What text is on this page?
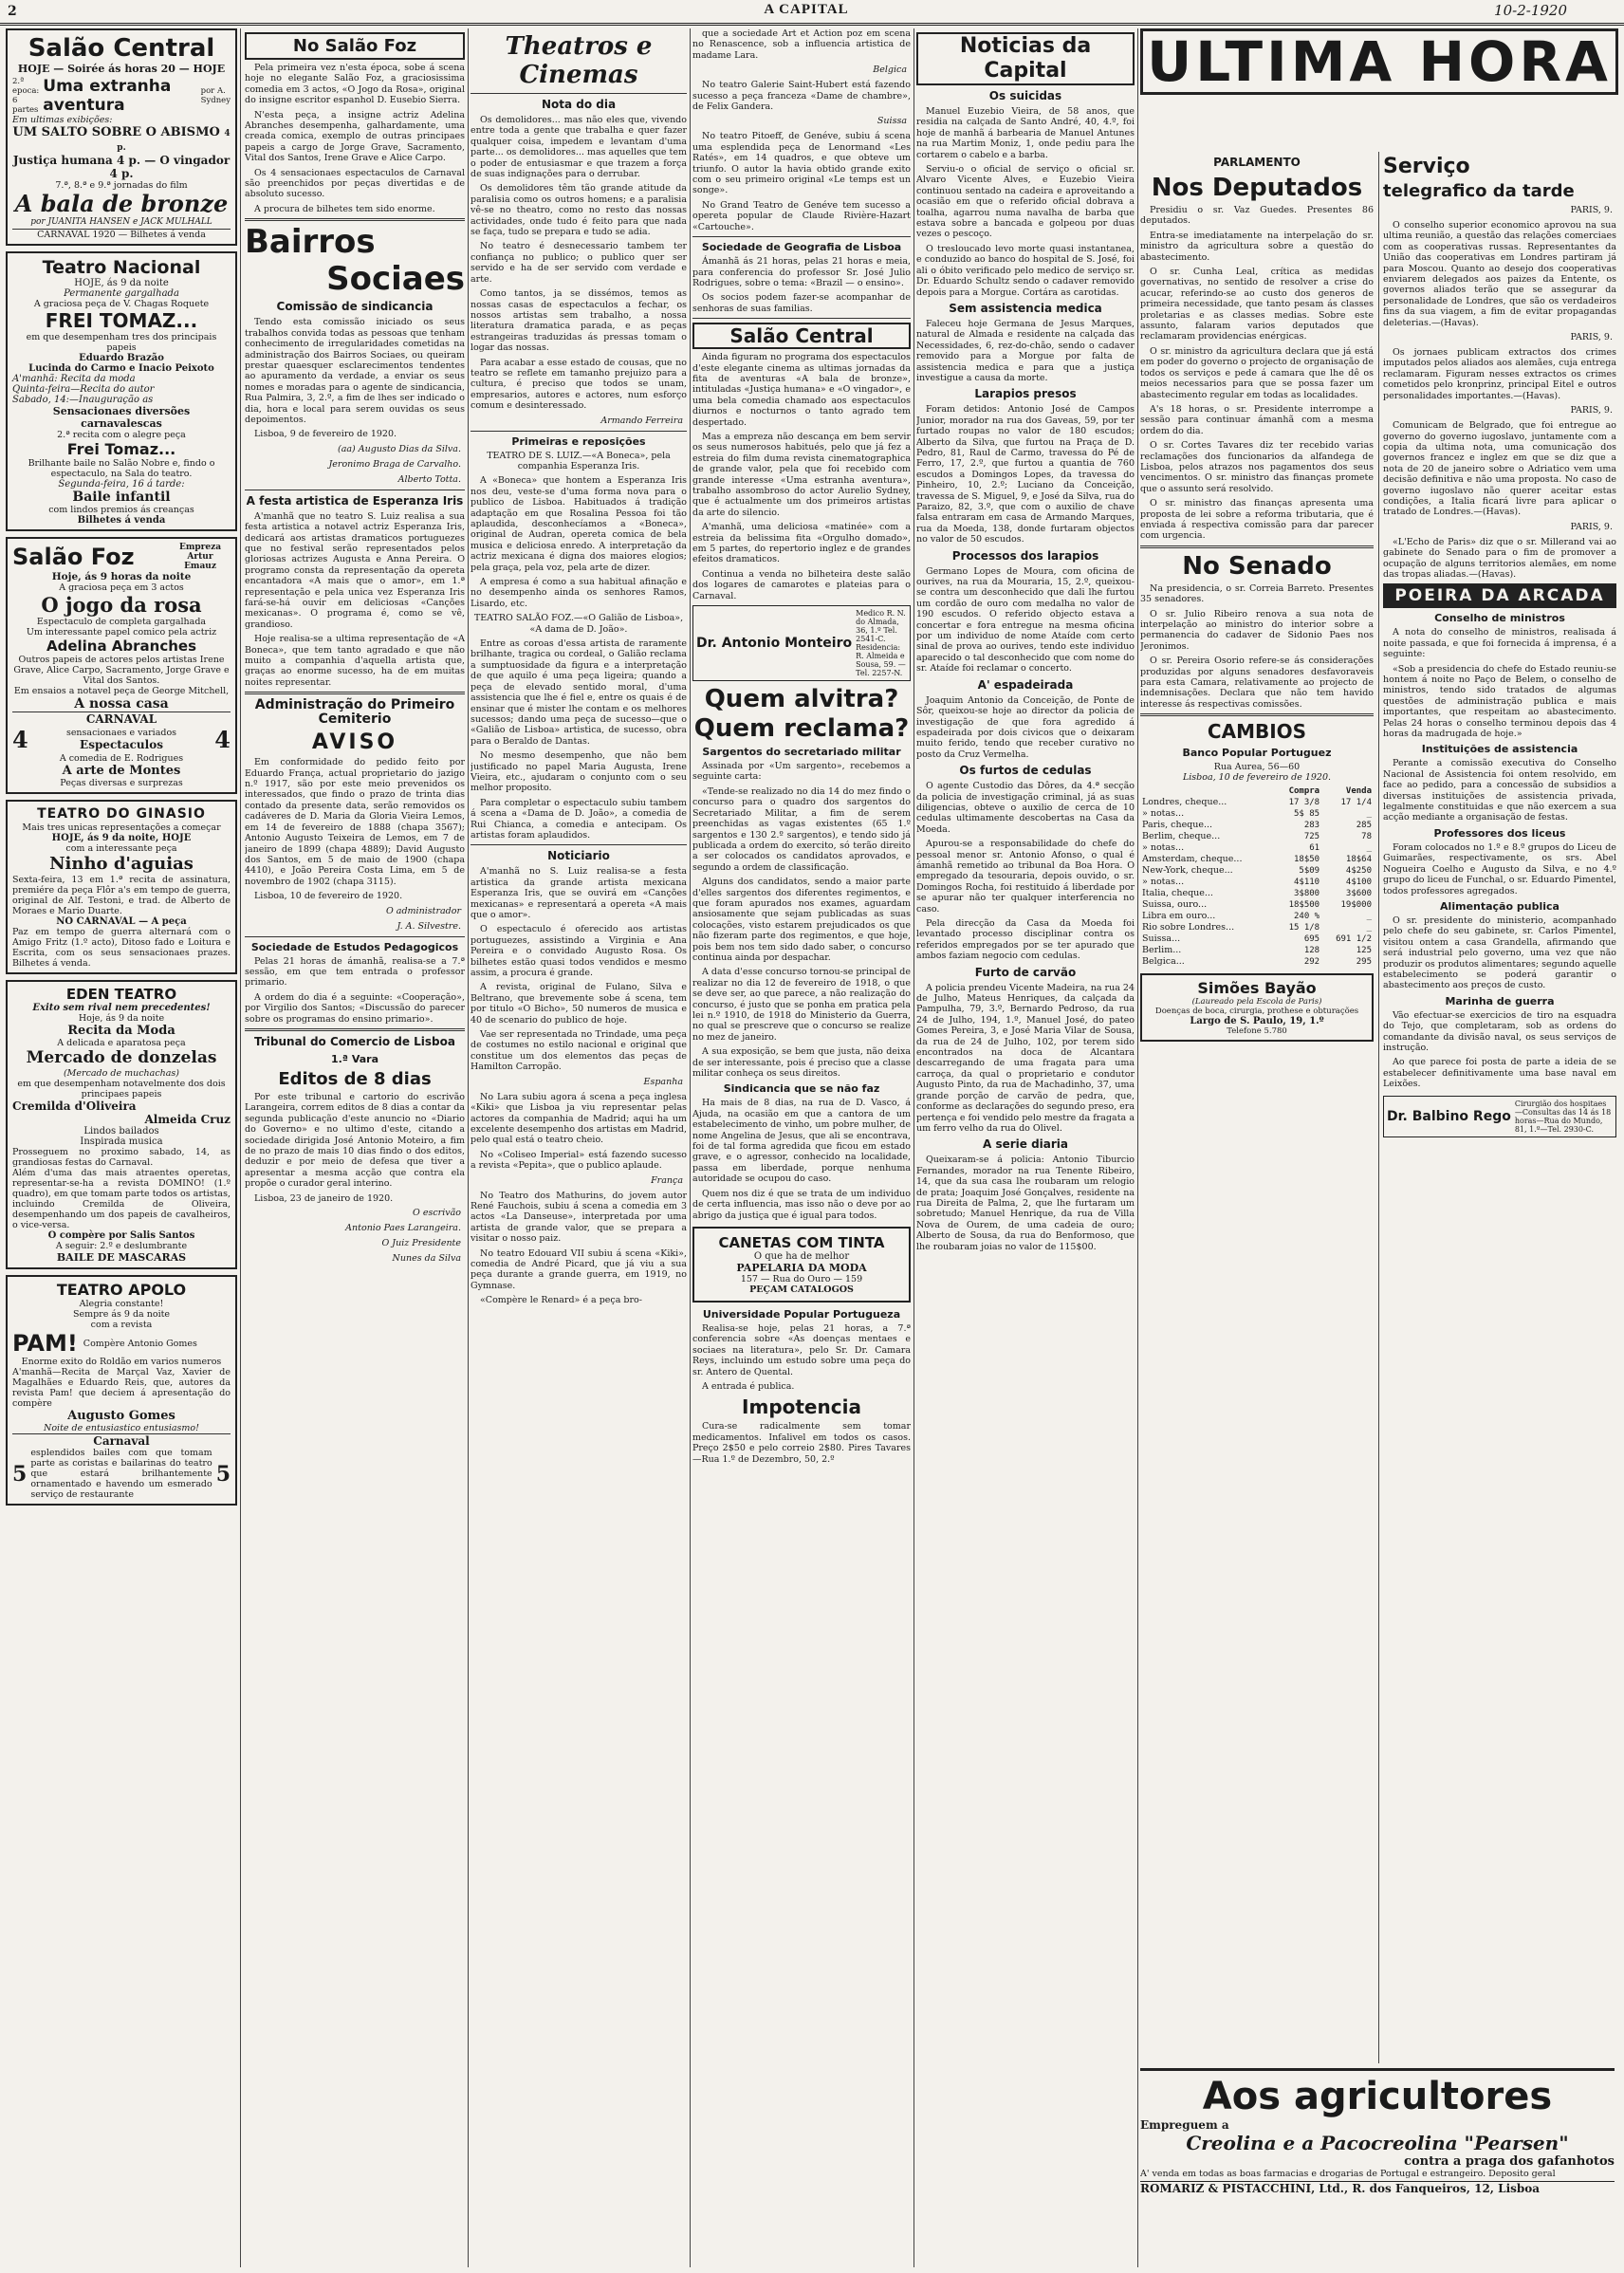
2	A CAPITAL	10-2-1920
Salão Central
HOJE — Soirée ás horas 20 — HOJE
2.ª epoca: 6 partes
Uma extranha aventura
por A. Sydney
Em ultimas exibições:
UM SALTO SOBRE O ABISMO 4 p.
Justiça humana 4 p. — O vingador 4 p.
7.ª, 8.ª e 9.ª jornadas do film
A bala de bronze
por JUANITA HANSEN e JACK MULHALL
CARNAVAL 1920 — Bilhetes á venda
Teatro Nacional
HOJE, ás 9 da noite
Permanente gargalhada
A graciosa peça de V. Chagas Roquete
FREI TOMAZ...
em que desempenham tres dos principais papeis
Eduardo Brazão
Lucinda do Carmo e Inacio Peixoto
A'manhã: Recita da moda
Quinta-feira—Recita do autor
Sabado, 14:—Inauguração as
Sensacionaes diversões carnavalescas
2.ª recita com o alegre peça
Frei Tomaz...
Brilhante baile no Salão Nobre e, findo o espectaculo, na Sala do teatro.
Segunda-feira, 16 á tarde:
Baile infantil
com lindos premios ás creanças
Bilhetes á venda
Salão Foz	Empreza Artur Emauz
Hoje, ás 9 horas da noite
A graciosa peça em 3 actos
O jogo da rosa
Espectaculo de completa gargalhada
Um interessante papel comico pela actriz
Adelina Abranches
Outros papeis de actores pelos artistas Irene Grave, Alice Carpo, Sacramento, Jorge Grave e Vital dos Santos.
Em ensaios a notavel peça de George Mitchell,
A nossa casa
CARNAVAL
4	sensacionaes e variados
Espectaculos	4
A comedia de E. Rodrigues
A arte de Montes
Peças diversas e surprezas
TEATRO DO GINASIO
Mais tres unicas representações a começar
HOJE, ás 9 da noite, HOJE
com a interessante peça
Ninho d'aguias
Sexta-feira, 13 em 1.ª recita de assinatura, premiére da peça Flôr a's em tempo de guerra, original de Alf. Testoni, e trad. de Alberto de Moraes e Mario Duarte.
NO CARNAVAL — A peça
Paz em tempo de guerra alternará com o Amigo Fritz (1.º acto), Ditoso fado e Loitura e Escrita, com os seus sensacionaes prazes. Bilhetes á venda.
EDEN TEATRO
Exito sem rival nem precedentes!
Hoje, ás 9 da noite
Recita da Moda
A delicada e aparatosa peça
Mercado de donzelas
(Mercado de muchachas)
em que desempenham notavelmente dos dois principaes papeis
Cremilda d'Oliveira
Almeida Cruz
Lindos bailados
Inspirada musica
Prosseguem no proximo sabado, 14, as grandiosas festas do Carnaval.
Além d'uma das mais atraentes operetas, representar-se-ha a revista DOMINO! (1.º quadro), em que tomam parte todos os artistas, incluindo Cremilda de Oliveira, desempenhando um dos papeis de cavalheiros, o vice-versa.
O compère por Salis Santos
A seguir: 2.º e deslumbrante
BAILE DE MASCARAS
TEATRO APOLO
Alegria constante!
Sempre ás 9 da noite
com a revista
PAM! Compère Antonio Gomes
Enorme exito do Roldão em varios numeros
A'manhã—Recita de Marçal Vaz, Xavier de Magalhães e Eduardo Reis, que, autores da revista Pam! que deciem á apresentação do compère
Augusto Gomes
Noite de entusiastico entusiasmo!
Carnaval
5
esplendidos bailes com que tomam parte as coristas e bailarinas do teatro que estará brilhantemente ornamentado e havendo um esmerado serviço de restaurante
5
No Salão Foz

Pela primeira vez n'esta época, sobe á scena hoje no elegante Salão Foz, a graciosissima comedia em 3 actos, «O Jogo da Rosa», original do insigne escritor espanhol D. Eusebio Sierra.

N'esta peça, a insigne actriz Adelina Abranches desempenha, galhardamente, uma creada comica, exemplo de outras principaes papeis a cargo de Jorge Grave, Sacramento, Vital dos Santos, Irene Grave e Alice Carpo.

Os 4 sensacionaes espectaculos de Carnaval são preenchidos por peças divertidas e de absoluto sucesso.

A procura de bilhetes tem sido enorme.

Bairros
Sociaes
Comissão de sindicancia

Tendo esta comissão iniciado os seus trabalhos convida todas as pessoas que tenham conhecimento de irregularidades cometidas na administração dos Bairros Sociaes, ou queiram prestar quaesquer esclarecimentos tendentes ao apuramento da verdade, a enviar os seus nomes e moradas para o agente de sindicancia, Rua Palmira, 3, 2.º, a fim de lhes ser indicado o dia, hora e local para serem ouvidas os seus depoimentos.

Lisboa, 9 de fevereiro de 1920.

(aa) Augusto Dias da Silva.
Jeronimo Braga de Carvalho.
Alberto Totta.
A festa artistica de Esperanza Iris

A'manhã que no teatro S. Luiz realisa a sua festa artistica a notavel actriz Esperanza Iris, dedicará aos artistas dramaticos portuguezes que no festival serão representados pelos gloriosas actrizes Augusta e Anna Pereira. O programo consta da representação da opereta encantadora «A mais que o amor», em 1.ª representação e pela unica vez Esperanza Iris fará-se-há ouvir em deliciosas «Canções mexicanas». O programa é, como se vê, grandioso.

Hoje realisa-se a ultima representação de «A Boneca», que tem tanto agradado e que não muito a companhia d'aquella artista que, graças ao enorme sucesso, ha de em muitas noites representar.

Administração do Primeiro Cemiterio
AVISO

Em conformidade do pedido feito por Eduardo França, actual proprietario do jazigo n.º 1917, são por este meio prevenidos os interessados, que findo o prazo de trinta dias contado da presente data, serão removidos os cadáveres de D. Maria da Gloria Vieira Lemos, em 14 de fevereiro de 1888 (chapa 3567); Antonio Augusto Teixeira de Lemos, em 7 de janeiro de 1899 (chapa 4889); David Augusto dos Santos, em 5 de maio de 1900 (chapa 4410), e João Pereira Costa Lima, em 5 de novembro de 1902 (chapa 3115).

Lisboa, 10 de fevereiro de 1920.

O administrador
J. A. Silvestre.
Sociedade de Estudos Pedagogicos

Pelas 21 horas de ámanhã, realisa-se a 7.ª sessão, em que tem entrada o professor primario.

A ordem do dia é a seguinte: «Cooperação», por Virgilio dos Santos; «Discussão do parecer sobre os programas do ensino primario».

Tribunal do Comercio de Lisboa
1.ª Vara
Editos de 8 dias

Por este tribunal e cartorio do escrivão Larangeira, correm editos de 8 dias a contar da segunda publicação d'este anuncio no «Diario do Governo» e no ultimo d'este, citando a sociedade dirigida José Antonio Moteiro, a fim de no prazo de mais 10 dias findo o dos editos, deduzir e por meio de defesa que tiver a apresentar a mesma acção que contra ela propõe o curador geral interino.

Lisboa, 23 de janeiro de 1920.

O escrivão
Antonio Paes Larangeira.
O Juiz Presidente
Nunes da Silva
Theatros e Cinemas
Nota do dia

Os demolidores... mas não eles que, vivendo entre toda a gente que trabalha e quer fazer qualquer coisa, impedem e levantam d'uma parte... os demolidores... mas aquelles que tem o poder de entusiasmar e que trazem a força de suas indignações para o derrubar.

Os demolidores têm tão grande atitude da paralisia como os outros homens; e a paralisia vê-se no theatro, como no resto das nossas actividades, onde tudo é feito para que nada se faça, tudo se prepara e tudo se adia.

No teatro é desnecessario tambem ter confiança no publico; o publico quer ser servido e ha de ser servido com verdade e arte.

Como tantos, ja se dissémos, temos as nossas casas de espectaculos a fechar, os nossos artistas sem trabalho, a nossa literatura dramatica parada, e as peças estrangeiras traduzidas ás pressas tomam o logar das nossas.

Para acabar a esse estado de cousas, que no teatro se reflete em tamanho prejuizo para a cultura, é preciso que todos se unam, empresarios, autores e actores, num esforço comum e desinteressado.

Armando Ferreira
Primeiras e reposições

TEATRO DE S. LUIZ.—«A Boneca», pela companhia Esperanza Iris.

A «Boneca» que hontem a Esperanza Iris nos deu, veste-se d'uma forma nova para o publico de Lisboa. Habituados á tradição adaptação em que Rosalina Pessoa foi tão aplaudida, desconhecíamos a «Boneca», original de Audran, opereta comica de bela musica e deliciosa enredo. A interpretação da actriz mexicana é digna dos maiores elogios; pela graça, pela voz, pela arte de dizer.

A empresa é como a sua habitual afinação e no desempenho ainda os senhores Ramos, Lisardo, etc.

TEATRO SALÃO FOZ.—«O Galião de Lisboa», «A dama de D. João».

Entre as coroas d'essa artista de raramente brilhante, tragica ou cordeal, o Galião reclama a sumptuosidade da figura e a interpretação de que aquilo é uma peça ligeira; quando a peça de elevado sentido moral, d'uma assistencia que lhe é fiel e, entre os quais é de ensinar que é mister lhe contam e os melhores sucessos; dando uma peça de sucesso—que o «Galião de Lisboa» artistica, de sucesso, obra para o Beraldo de Dantas.

No mesmo desempenho, que não bem justificado no papel Maria Augusta, Irene Vieira, etc., ajudaram o conjunto com o seu melhor proposito.

Para completar o espectaculo subiu tambem á scena a «Dama de D. João», a comedia de Rui Chianca, a comedia e antecipam. Os artistas foram aplaudidos.

Noticiario

A'manhã no S. Luiz realisa-se a festa artistica da grande artista mexicana Esperanza Iris, que se ouvirá em «Canções mexicanas» e representará a opereta «A mais que o amor».

O espectaculo é oferecido aos artistas portuguezes, assistindo a Virginia e Ana Pereira e o convidado Augusto Rosa. Os bilhetes estão quasi todos vendidos e mesmo assim, a procura é grande.

A revista, original de Fulano, Silva e Beltrano, que brevemente sobe á scena, tem por titulo «O Bicho», 50 numeros de musica e 40 de scenario do publico de hoje.

Vae ser representada no Trindade, uma peça de costumes no estilo nacional e original que constitue um dos elementos das peças de Hamilton Carropão.

Espanha

No Lara subiu agora á scena a peça inglesa «Kiki» que Lisboa ja viu representar pelas actores da companhia de Madrid; aqui ha um excelente desempenho dos artistas em Madrid, pelo qual está o teatro cheio.

No «Coliseo Imperial» está fazendo sucesso a revista «Pepita», que o publico aplaude.

França

No Teatro dos Mathurins, do jovem autor René Fauchois, subiu á scena a comedia em 3 actos «La Danseuse», interpretada por uma artista de grande valor, que se prepara a visitar o nosso paiz.

No teatro Edouard VII subiu á scena «Kiki», comedia de André Picard, que já viu a sua peça durante a grande guerra, em 1919, no Gymnase.

«Compère le Renard» é a peça bro-

que a sociedade Art et Action poz em scena no Renascence, sob a influencia artistica de madame Lara.

Belgica

No teatro Galerie Saint-Hubert está fazendo sucesso a peça franceza «Dame de chambre», de Felix Gandera.

Suissa

No teatro Pitoeff, de Genéve, subiu á scena uma esplendida peça de Lenormand «Les Ratés», em 14 quadros, e que obteve um triunfo. O autor la havia obtido grande exito com o seu primeiro original «Le temps est un songe».

No Grand Teatro de Genéve tem sucesso a opereta popular de Claude Rivière-Hazart «Cartouche».

Sociedade de Geografia de Lisboa

Ámanhã ás 21 horas, pelas 21 horas e meia, para conferencia do professor Sr. José Julio Rodrigues, sobre o tema: «Brazil — o ensino».

Os socios podem fazer-se acompanhar de senhoras de suas familias.

Salão Central

Ainda figuram no programa dos espectaculos d'este elegante cinema as ultimas jornadas da fita de aventuras «A bala de bronze», intituladas «Justiça humana» e «O vingador», e uma bela comedia chamado aos espectaculos diurnos e nocturnos o tanto agrado tem despertado.

Mas a empreza não descança em bem servir os seus numerosos habitués, pelo que já fez a estreia do film duma revista cinematographica de grande valor, pela que foi recebido com grande interesse «Uma estranha aventura», trabalho assombroso do actor Aurelio Sydney, que é actualmente um dos primeiros artistas da arte do silencio.

A'manhã, uma deliciosa «matinée» com a estreia da belissima fita «Orgulho domado», em 5 partes, do repertorio inglez e de grandes efeitos dramaticos.

Continua a venda no bilheteira deste salão dos logares de camarotes e plateias para o Carnaval.

Dr. Antonio Monteiro
Medico R. N. do Almada, 36, 1.º Tel. 2541-C. Residencia: R. Almeida e Sousa, 59. — Tel. 2257-N.
Quem alvitra?
Quem reclama?
Sargentos do secretariado militar

Assinada por «Um sargento», recebemos a seguinte carta:

«Tende-se realizado no dia 14 do mez findo o concurso para o quadro dos sargentos do Secretariado Militar, a fim de serem preenchidas as vagas existentes (65 1.º sargentos e 130 2.º sargentos), e tendo sido já publicada a ordem do exercito, só terão direito a ser colocados os candidatos aprovados, e segundo a ordem de classificação.

Alguns dos candidatos, sendo a maior parte d'elles sargentos dos diferentes regimentos, e que foram apurados nos exames, aguardam ansiosamente que sejam publicadas as suas colocações, visto estarem prejudicados os que não fizeram parte dos regimentos, e que hoje, pois bem nos tem sido dado saber, o concurso continua ainda por despachar.

A data d'esse concurso tornou-se principal de realizar no dia 12 de fevereiro de 1918, o que se deve ser, ao que parece, a não realização do concurso, é justo que se ponha em pratica pela lei n.º 1910, de 1918 do Ministerio da Guerra, no qual se prescreve que o concurso se realize no mez de janeiro.

A sua exposição, se bem que justa, não deixa de ser interessante, pois é preciso que a classe militar conheça os seus direitos.

Sindicancia que se não faz

Ha mais de 8 dias, na rua de D. Vasco, á Ajuda, na ocasião em que a cantora de um estabelecimento de vinho, um pobre mulher, de nome Angelina de Jesus, que ali se encontrava, foi de tal forma agredida que ficou em estado grave, e o agressor, conhecido na localidade, passa em liberdade, porque nenhuma autoridade se ocupou do caso.

Quem nos diz é que se trata de um individuo de certa influencia, mas isso não o deve por ao abrigo da justiça que é igual para todos.

CANETAS COM TINTA
O que ha de melhor
PAPELARIA DA MODA
157 — Rua do Ouro — 159
PEÇAM CATALOGOS
Universidade Popular Portugueza

Realisa-se hoje, pelas 21 horas, a 7.ª conferencia sobre «As doenças mentaes e sociaes na literatura», pelo Sr. Dr. Camara Reys, incluindo um estudo sobre uma peça do sr. Antero de Quental.

A entrada é publica.

Impotencia

Cura-se radicalmente sem tomar medicamentos. Infalivel em todos os casos. Preço 2$50 e pelo correio 2$80. Pires Tavares—Rua 1.º de Dezembro, 50, 2.º

Noticias da Capital
Os suicidas

Manuel Euzebio Vieira, de 58 anos, que residia na calçada de Santo André, 40, 4.º, foi hoje de manhã á barbearia de Manuel Antunes na rua Martim Moniz, 1, onde pediu para lhe cortarem o cabelo e a barba.

Serviu-o o oficial de serviço o oficial sr. Alvaro Vicente Alves, e Euzebio Vieira continuou sentado na cadeira e aproveitando a ocasião em que o referido oficial dobrava a toalha, agarrou numa navalha de barba que estava sobre a bancada e golpeou por duas vezes o pescoço.

O tresloucado levo morte quasi instantanea, e conduzido ao banco do hospital de S. José, foi ali o óbito verificado pelo medico de serviço sr. Dr. Eduardo Schultz sendo o cadaver removido depois para a Morgue. Cortára as carotidas.

Sem assistencia medica

Faleceu hoje Germana de Jesus Marques, natural de Almada e residente na calçada das Necessidades, 6, rez-do-chão, sendo o cadaver removido para a Morgue por falta de assistencia medica e para que a justiça investigue a causa da morte.

Larapios presos

Foram detidos: Antonio José de Campos Junior, morador na rua dos Gaveas, 59, por ter furtado roupas no valor de 180 escudos; Alberto da Silva, que furtou na Praça de D. Pedro, 81, Raul de Carmo, travessa do Pé de Ferro, 17, 2.º, que furtou a quantia de 760 escudos a Domingos Lopes, da travessa do Pinheiro, 10, 2.º; Luciano da Conceição, travessa de S. Miguel, 9, e José da Silva, rua do Paraizo, 82, 3.º, que com o auxilio de chave falsa entraram em casa de Armando Marques, rua da Moeda, 138, donde furtaram objectos no valor de 50 escudos.

Processos dos larapios

Germano Lopes de Moura, com oficina de ourives, na rua da Mouraria, 15, 2.º, queixou-se contra um desconhecido que dali lhe furtou um cordão de ouro com medalha no valor de 190 escudos. O referido objecto estava a concertar e fora entregue na mesma oficina por um individuo de nome Ataíde com certo sinal de prova ao ourives, tendo este individuo aparecido o tal desconhecido que com nome do sr. Ataíde foi reclamar o concerto.

A' espadeirada

Joaquim Antonio da Conceição, de Ponte de Sôr, queixou-se hoje ao director da policia de investigação de que fora agredido á espadeirada por dois civicos que o deixaram muito ferido, tendo que receber curativo no posto da Cruz Vermelha.

Os furtos de cedulas

O agente Custodio das Dôres, da 4.ª secção da policia de investigação criminal, já as suas diligencias, obteve o auxilio de cerca de 10 cedulas ultimamente descobertas na Casa da Moeda.

Apurou-se a responsabilidade do chefe do pessoal menor sr. Antonio Afonso, o qual é ámanhã remetido ao tribunal da Boa Hora. O empregado da tesouraria, depois ouvido, o sr. Domingos Rocha, foi restituido á liberdade por se apurar não ter qualquer interferencia no caso.

Pela direcção da Casa da Moeda foi levantado processo disciplinar contra os referidos empregados por se ter apurado que ambos faziam negocio com cedulas.

Furto de carvão

A policia prendeu Vicente Madeira, na rua 24 de Julho, Mateus Henriques, da calçada da Pampulha, 79, 3.º, Bernardo Pedroso, da rua 24 de Julho, 194, 1.º, Manuel José, do pateo Gomes Pereira, 3, e José Maria Vilar de Sousa, da rua de 24 de Julho, 102, por terem sido encontrados na doca de Alcantara descarregando de uma fragata para uma carroça, da qual o proprietario e condutor Augusto Pinto, da rua de Machadinho, 37, uma grande porção de carvão de pedra, que, conforme as declarações do segundo preso, era pertença e foi vendido pelo mestre da fragata a um ferro velho da rua do Olivel.

A serie diaria

Queixaram-se á policia: Antonio Tiburcio Fernandes, morador na rua Tenente Ribeiro, 14, que da sua casa lhe roubaram um relogio de prata; Joaquim José Gonçalves, residente na rua Direita de Palma, 2, que lhe furtaram um sobretudo; Manuel Henrique, da rua de Villa Nova de Ourem, de uma cadeia de ouro; Alberto de Sousa, da rua do Benformoso, que lhe roubaram joias no valor de 115$00.

ULTIMA HORA
PARLAMENTO
Nos Deputados

Presidiu o sr. Vaz Guedes. Presentes 86 deputados.

Entra-se imediatamente na interpelação do sr. ministro da agricultura sobre a questão do abastecimento.

O sr. Cunha Leal, crítica as medidas governativas, no sentido de resolver a crise do acucar, referindo-se ao custo dos generos de primeira necessidade, que tanto pesam ás classes proletarias e as classes medias. Sobre este assunto, falaram varios deputados que reclamaram providencias enérgicas.

O sr. ministro da agricultura declara que já está em poder do governo o projecto de organisação de todos os serviços e pede á camara que lhe dê os meios necessarios para que se possa fazer um abastecimento regular em todas as localidades.

A's 18 horas, o sr. Presidente interrompe a sessão para continuar ámanhã com a mesma ordem do dia.

O sr. Cortes Tavares diz ter recebido varias reclamações dos funcionarios da alfandega de Lisboa, pelos atrazos nos pagamentos dos seus vencimentos. O sr. ministro das finanças promete que o assunto será resolvido.

O sr. ministro das finanças apresenta uma proposta de lei sobre a reforma tributaria, que é enviada á respectiva comissão para dar parecer com urgencia.

No Senado

Na presidencia, o sr. Correia Barreto. Presentes 35 senadores.

O sr. Julio Ribeiro renova a sua nota de interpelação ao ministro do interior sobre a permanencia do cadaver de Sidonio Paes nos Jeronimos.

O sr. Pereira Osorio refere-se ás considerações produzidas por alguns senadores desfavoraveis para esta Camara, relativamente ao projecto de indemnisações. Declara que não tem havido interesse ás respectivas comissões.

CAMBIOS
Banco Popular Portuguez
Rua Aurea, 56—60
Lisboa, 10 de fevereiro de 1920.
	Compra	Venda
Londres, cheque...	17 3/8	17 1/4
» notas...	5$ 85	_
Paris, cheque...	283	285
Berlim, cheque...	725	78
» notas...	61	_
Amsterdam, cheque...	18$50	18$64
New-York, cheque...	5$09	4$250
» notas...	4$110	4$100
Italia, cheque...	3$800	3$600
Suissa, ouro...	18$500	19$000
Libra em ouro...	240 %	_
Rio sobre Londres...	15 1/8	_
Suissa...	695	691 1/2
Berlim...	128	125
Belgica...	292	295
Simões Bayão
(Laureado pela Escola de Paris)
Doenças de boca, cirurgia, prothese e obturações
Largo de S. Paulo, 19, 1.º
Telefone 5.780
Serviço
telegrafico da tarde
PARIS, 9.

O conselho superior economico aprovou na sua ultima reunião, a questão das relações comerciaes com as cooperativas russas. Representantes da União das cooperativas em Londres partiram já para Moscou. Quanto ao desejo dos cooperativas enviarem delegados aos paizes da Entente, os governos aliados terão que se assegurar da personalidade de Londres, que são os verdadeiros fins da sua viagem, a fim de evitar propagandas deleterias.—(Havas).

PARIS, 9.

Os jornaes publicam extractos dos crimes imputados pelos aliados aos alemães, cuja entrega reclamaram. Figuram nesses extractos os crimes cometidos pelo kronprinz, principal Eitel e outros personalidades importantes.—(Havas).

PARIS, 9.

Comunicam de Belgrado, que foi entregue ao governo do governo iugoslavo, juntamente com a copia da ultima nota, uma comunicação dos governos francez e inglez em que se diz que a nota de 20 de janeiro sobre o Adriatico vem uma decisão definitiva e não uma proposta. No caso de governo iugoslavo não querer aceitar estas condições, a Italia ficará livre para aplicar o tratado de Londres.—(Havas).

PARIS, 9.

«L'Echo de Paris» diz que o sr. Millerand vai ao gabinete do Senado para o fim de promover a ocupação de alguns territorios alemães, em nome das tropas aliadas.—(Havas).

POEIRA DA ARCADA
Conselho de ministros

A nota do conselho de ministros, realisada á noite passada, e que foi fornecida á imprensa, é a seguinte:

«Sob a presidencia do chefe do Estado reuniu-se hontem á noite no Paço de Belem, o conselho de ministros, tendo sido tratados de algumas questões de administração publica e mais importantes, que respeitam ao abastecimento. Pelas 24 horas o conselho terminou depois das 4 horas da madrugada de hoje.»

Instituições de assistencia

Perante a comissão executiva do Conselho Nacional de Assistencia foi ontem resolvido, em face ao pedido, para a concessão de subsidios a diversas instituições de assistencia privada, legalmente constituidas e que não exercem a sua acção mediante a organisação de festas.

Professores dos liceus

Foram colocados no 1.º e 8.º grupos do Liceu de Guimarães, respectivamente, os srs. Abel Nogueira Coelho e Augusto da Silva, e no 4.º grupo do liceu de Funchal, o sr. Eduardo Pimentel, todos professores agregados.

Alimentação publica

O sr. presidente do ministerio, acompanhado pelo chefe do seu gabinete, sr. Carlos Pimentel, visitou ontem a casa Grandella, afirmando que será industrial pelo governo, uma vez que não produzir os produtos alimentares; segundo aquelle estabelecimento se poderá garantir o abastecimento aos preços de custo.

Marinha de guerra

Vão efectuar-se exercicios de tiro na esquadra do Tejo, que completaram, sob as ordens do comandante da divisão naval, os seus serviços de instrução.

Ao que parece foi posta de parte a ideia de se estabelecer definitivamente uma base naval em Leixões.

Dr. Balbino Rego
Cirurgião dos hospitaes—Consultas das 14 ás 18 horas—Rua do Mundo, 81, 1.º—Tel. 2930-C.
Aos agricultores
Empreguem a
Creolina e a Pacocreolina "Pearsen"
contra a praga dos gafanhotos
A' venda em todas as boas farmacias e drogarias de Portugal e estrangeiro. Deposito geral
ROMARIZ & PISTACCHINI, Ltd., R. dos Fanqueiros, 12, Lisboa
